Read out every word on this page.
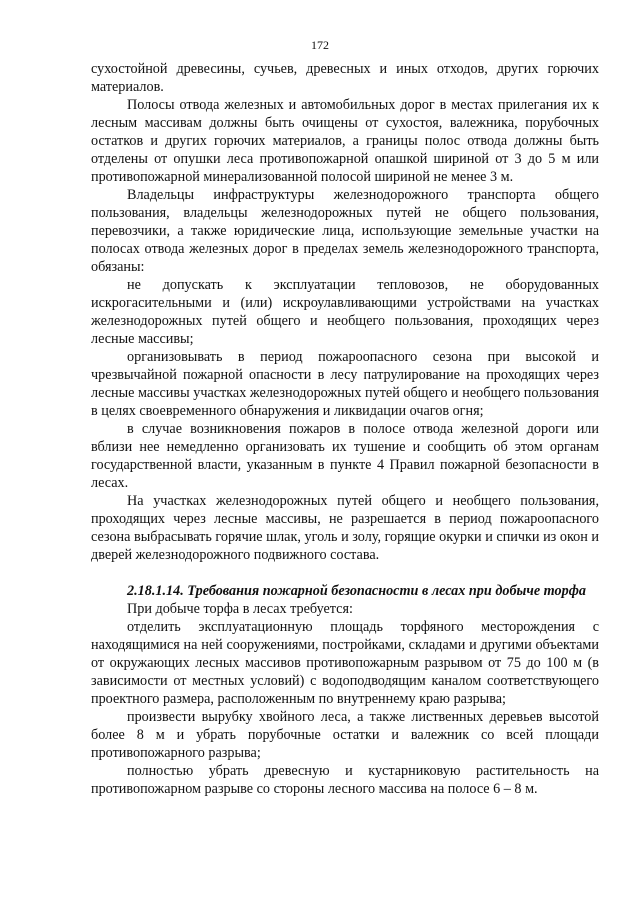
172

сухостойной древесины, сучьев, древесных и иных отходов, других горючих материалов.

Полосы отвода железных и автомобильных дорог в местах прилегания их к лесным массивам должны быть очищены от сухостоя, валежника, порубочных остатков и других горючих материалов, а границы полос отвода должны быть отделены от опушки леса противопожарной опашкой шириной от 3 до 5 м или противопожарной минерализованной полосой шириной не менее 3 м.

Владельцы инфраструктуры железнодорожного транспорта общего пользования, владельцы железнодорожных путей не общего пользования, перевозчики, а также юридические лица, использующие земельные участки на полосах отвода железных дорог в пределах земель железнодорожного транспорта, обязаны:

не допускать к эксплуатации тепловозов, не оборудованных искрогасительными и (или) искроулавливающими устройствами на участках железнодорожных путей общего и необщего пользования, проходящих через лесные массивы;

организовывать в период пожароопасного сезона при высокой и чрезвычайной пожарной опасности в лесу патрулирование на проходящих через лесные массивы участках железнодорожных путей общего и необщего пользования в целях своевременного обнаружения и ликвидации очагов огня;

в случае возникновения пожаров в полосе отвода железной дороги или вблизи нее немедленно организовать их тушение и сообщить об этом органам государственной власти, указанным в пункте 4 Правил пожарной безопасности в лесах.

На участках железнодорожных путей общего и необщего пользования, проходящих через лесные массивы, не разрешается в период пожароопасного сезона выбрасывать горячие шлак, уголь и золу, горящие окурки и спички из окон и дверей железнодорожного подвижного состава.

2.18.1.14. Требования пожарной безопасности в лесах при добыче торфа

При добыче торфа в лесах требуется:

отделить эксплуатационную площадь торфяного месторождения с находящимися на ней сооружениями, постройками, складами и другими объектами от окружающих лесных массивов противопожарным разрывом от 75 до 100 м (в зависимости от местных условий) с водоподводящим каналом соответствующего проектного размера, расположенным по внутреннему краю разрыва;

произвести вырубку хвойного леса, а также лиственных деревьев высотой более 8 м и убрать порубочные остатки и валежник со всей площади противопожарного разрыва;

полностью убрать древесную и кустарниковую растительность на противопожарном разрыве со стороны лесного массива на полосе 6 – 8 м.
